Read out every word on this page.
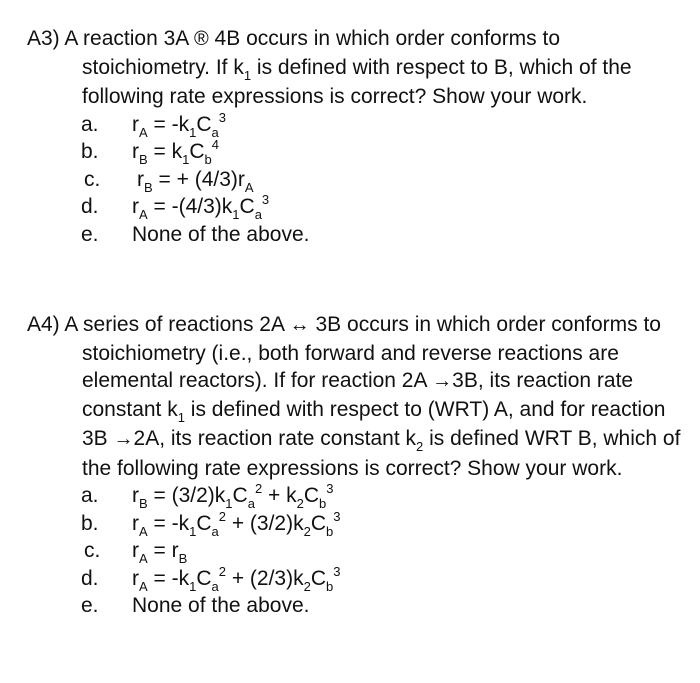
A3) A reaction 3A ® 4B occurs in which order conforms to stoichiometry. If $k_1$ is defined with respect to B, which of the following rate expressions is correct? Show your work.
a. $r_A = -k_1C_a^3$
b. $r_B = k_1C_b^4$
c. $r_B$ = + $(4/3)r_A$
d. $r_A = -(4/3)k_1C_a^3$
e. None of the above.
A4) A series of reactions 2A ↔ 3B occurs in which order conforms to stoichiometry (i.e., both forward and reverse reactions are elemental reactors). If for reaction 2A →3B, its reaction rate constant $k_1$ is defined with respect to (WRT) A, and for reaction 3B →2A, its reaction rate constant $k_2$ is defined WRT B, which of the following rate expressions is correct? Show your work.
a. $r_B = (3/2)k_1C_a^2 + k_2C_b^3$
b. $r_A = -k_1C_a^2 + (3/2)k_2C_b^3$
c. $r_A = r_B$
d. $r_A = -k_1C_a^2 + (2/3)k_2C_b^3$
e. None of the above.
